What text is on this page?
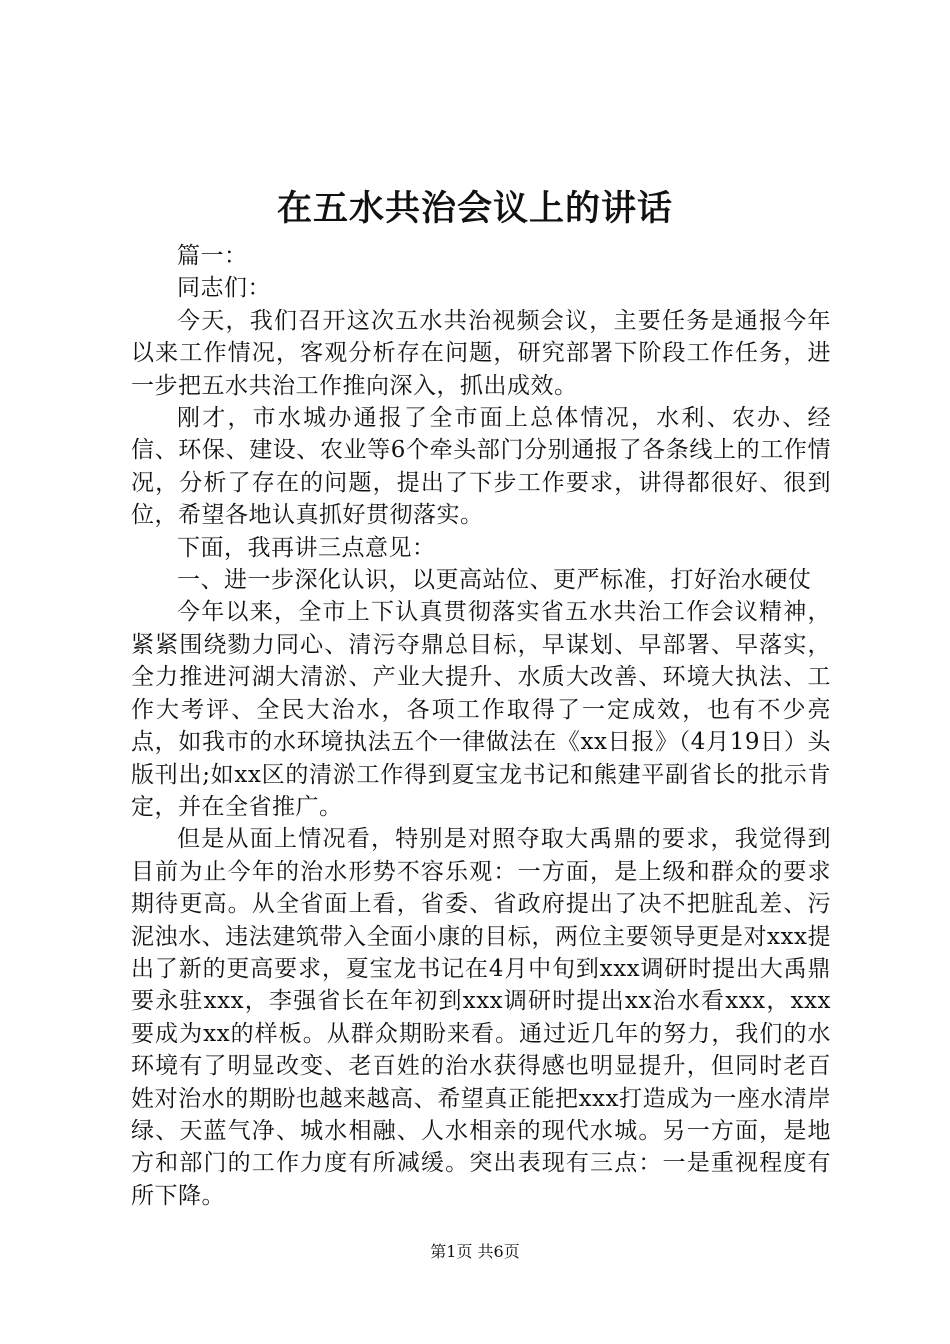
在五水共治会议上的讲话

篇一：

同志们：

今天，我们召开这次五水共治视频会议，主要任务是通报今年以来工作情况，客观分析存在问题，研究部署下阶段工作任务，进一步把五水共治工作推向深入，抓出成效。

刚才，市水城办通报了全市面上总体情况，水利、农办、经信、环保、建设、农业等6个牵头部门分别通报了各条线上的工作情况，分析了存在的问题，提出了下步工作要求，讲得都很好、很到位，希望各地认真抓好贯彻落实。

下面，我再讲三点意见：

一、进一步深化认识，以更高站位、更严标准，打好治水硬仗

今年以来，全市上下认真贯彻落实省五水共治工作会议精神，紧紧围绕勠力同心、清污夺鼎总目标，早谋划、早部署、早落实，全力推进河湖大清淤、产业大提升、水质大改善、环境大执法、工作大考评、全民大治水，各项工作取得了一定成效，也有不少亮点，如我市的水环境执法五个一律做法在《xx日报》（4月19日）头版刊出;如xx区的清淤工作得到夏宝龙书记和熊建平副省长的批示肯定，并在全省推广。

但是从面上情况看，特别是对照夺取大禹鼎的要求，我觉得到目前为止今年的治水形势不容乐观：一方面，是上级和群众的要求期待更高。从全省面上看，省委、省政府提出了决不把脏乱差、污泥浊水、违法建筑带入全面小康的目标，两位主要领导更是对xxx提出了新的更高要求，夏宝龙书记在4月中旬到xxx调研时提出大禹鼎要永驻xxx，李强省长在年初到xxx调研时提出xx治水看xxx，xxx要成为xx的样板。从群众期盼来看。通过近几年的努力，我们的水环境有了明显改变、老百姓的治水获得感也明显提升，但同时老百姓对治水的期盼也越来越高、希望真正能把xxx打造成为一座水清岸绿、天蓝气净、城水相融、人水相亲的现代水城。另一方面，是地方和部门的工作力度有所减缓。突出表现有三点：一是重视程度有所下降。

第1页 共6页
